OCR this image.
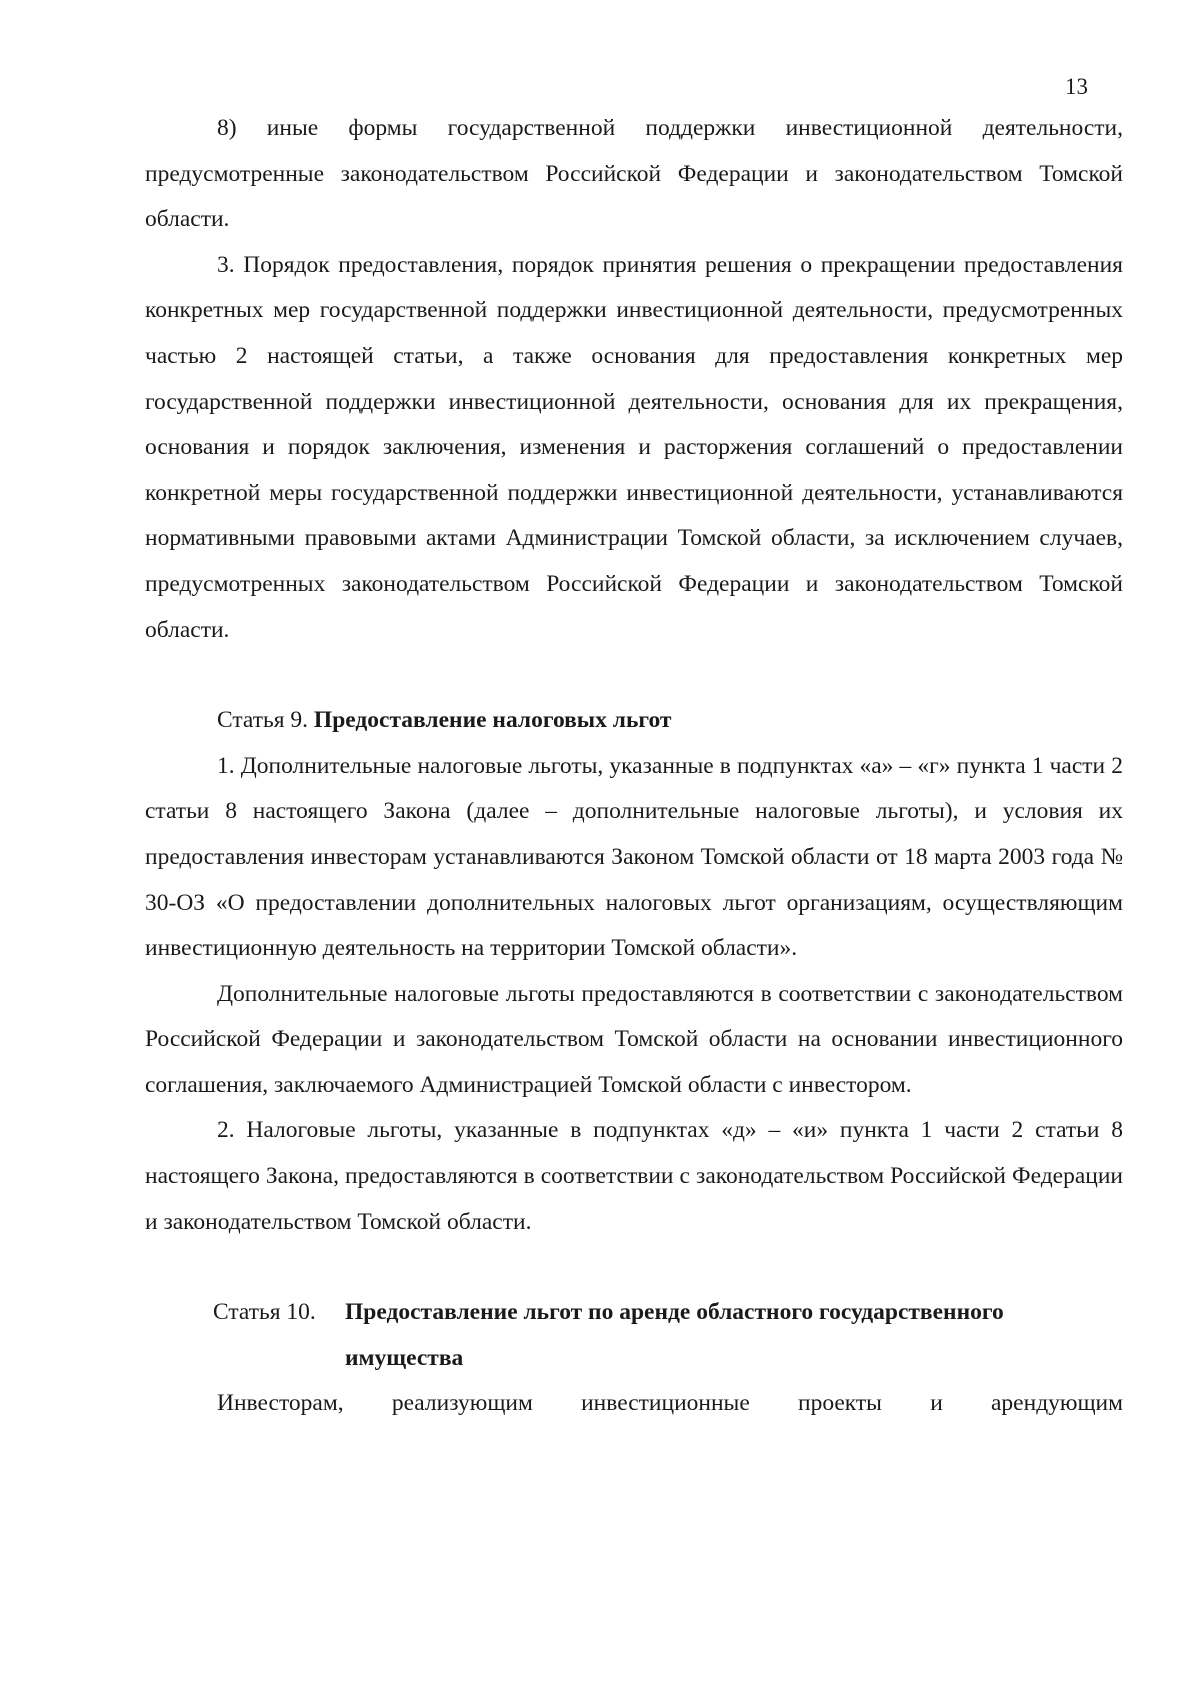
13

8) иные формы государственной поддержки инвестиционной деятельности, предусмотренные законодательством Российской Федерации и законодательством Томской области.

3. Порядок предоставления, порядок принятия решения о прекращении предоставления конкретных мер государственной поддержки инвестиционной деятельности, предусмотренных частью 2 настоящей статьи, а также основания для предоставления конкретных мер государственной поддержки инвестиционной деятельности, основания для их прекращения, основания и порядок заключения, изменения и расторжения соглашений о предоставлении конкретной меры государственной поддержки инвестиционной деятельности, устанавливаются нормативными правовыми актами Администрации Томской области, за исключением случаев, предусмотренных законодательством Российской Федерации и законодательством Томской области.

Статья 9. Предоставление налоговых льгот

1. Дополнительные налоговые льготы, указанные в подпунктах «а» – «г» пункта 1 части 2 статьи 8 настоящего Закона (далее – дополнительные налоговые льготы), и условия их предоставления инвесторам устанавливаются Законом Томской области от 18 марта 2003 года № 30-ОЗ «О предоставлении дополнительных налоговых льгот организациям, осуществляющим инвестиционную деятельность на территории Томской области».

Дополнительные налоговые льготы предоставляются в соответствии с законодательством Российской Федерации и законодательством Томской области на основании инвестиционного соглашения, заключаемого Администрацией Томской области с инвестором.

2. Налоговые льготы, указанные в подпунктах «д» – «и» пункта 1 части 2 статьи 8 настоящего Закона, предоставляются в соответствии с законодательством Российской Федерации и законодательством Томской области.

Статья 10. Предоставление льгот по аренде областного государственного имущества

Инвесторам, реализующим инвестиционные проекты и арендующим
